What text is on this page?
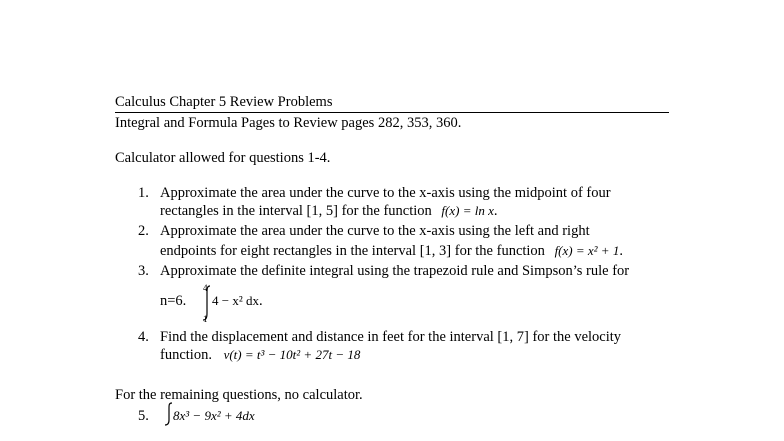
Calculus Chapter 5 Review Problems
Integral and Formula Pages to Review pages 282, 353, 360.
Calculator allowed for questions 1-4.
1. Approximate the area under the curve to the x-axis using the midpoint of four
rectangles in the interval [1, 5] for the function f(x) = ln x.
2. Approximate the area under the curve to the x-axis using the left and right
endpoints for eight rectangles in the interval [1, 3] for the function f(x) = x² + 1.
3. Approximate the definite integral using the trapezoid rule and Simpson’s rule for
n=6.
4
1
4 − x² dx.
4. Find the displacement and distance in feet for the interval [1, 7] for the velocity
function. v(t) = t³ − 10t² + 27t − 18
For the remaining questions, no calculator.
5. 8x³ − 9x² + 4dx
